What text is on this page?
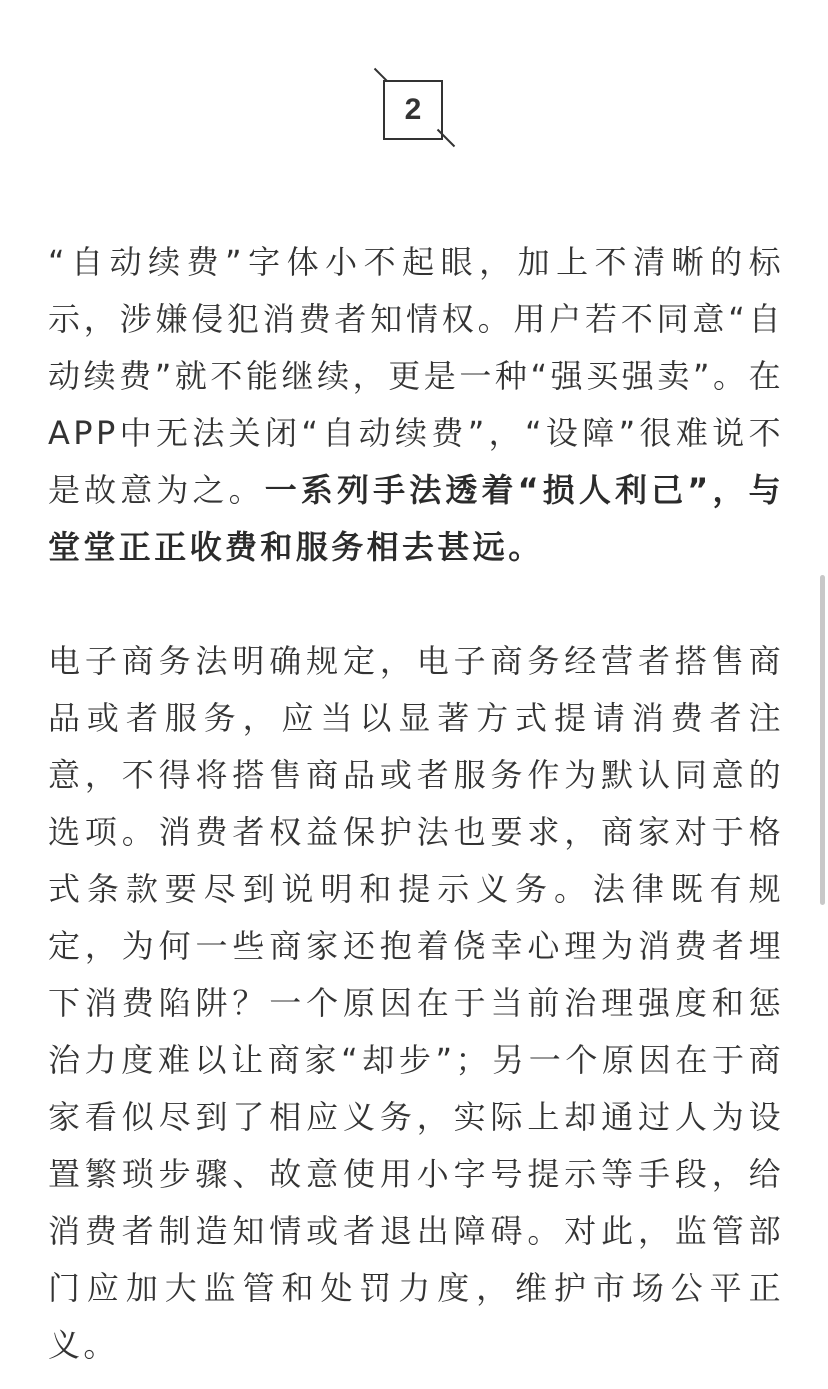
2

“自动续费”字体小不起眼，加上不清晰的标示，涉嫌侵犯消费者知情权。用户若不同意“自动续费”就不能继续，更是一种“强买强卖”。在APP中无法关闭“自动续费”，“设障”很难说不是故意为之。一系列手法透着“损人利己”，与堂堂正正收费和服务相去甚远。

电子商务法明确规定，电子商务经营者搭售商品或者服务，应当以显著方式提请消费者注意，不得将搭售商品或者服务作为默认同意的选项。消费者权益保护法也要求，商家对于格式条款要尽到说明和提示义务。法律既有规定，为何一些商家还抱着侥幸心理为消费者埋下消费陷阱？一个原因在于当前治理强度和惩治力度难以让商家“却步”；另一个原因在于商家看似尽到了相应义务，实际上却通过人为设置繁琐步骤、故意使用小字号提示等手段，给消费者制造知情或者退出障碍。对此，监管部门应加大监管和处罚力度，维护市场公平正义。
